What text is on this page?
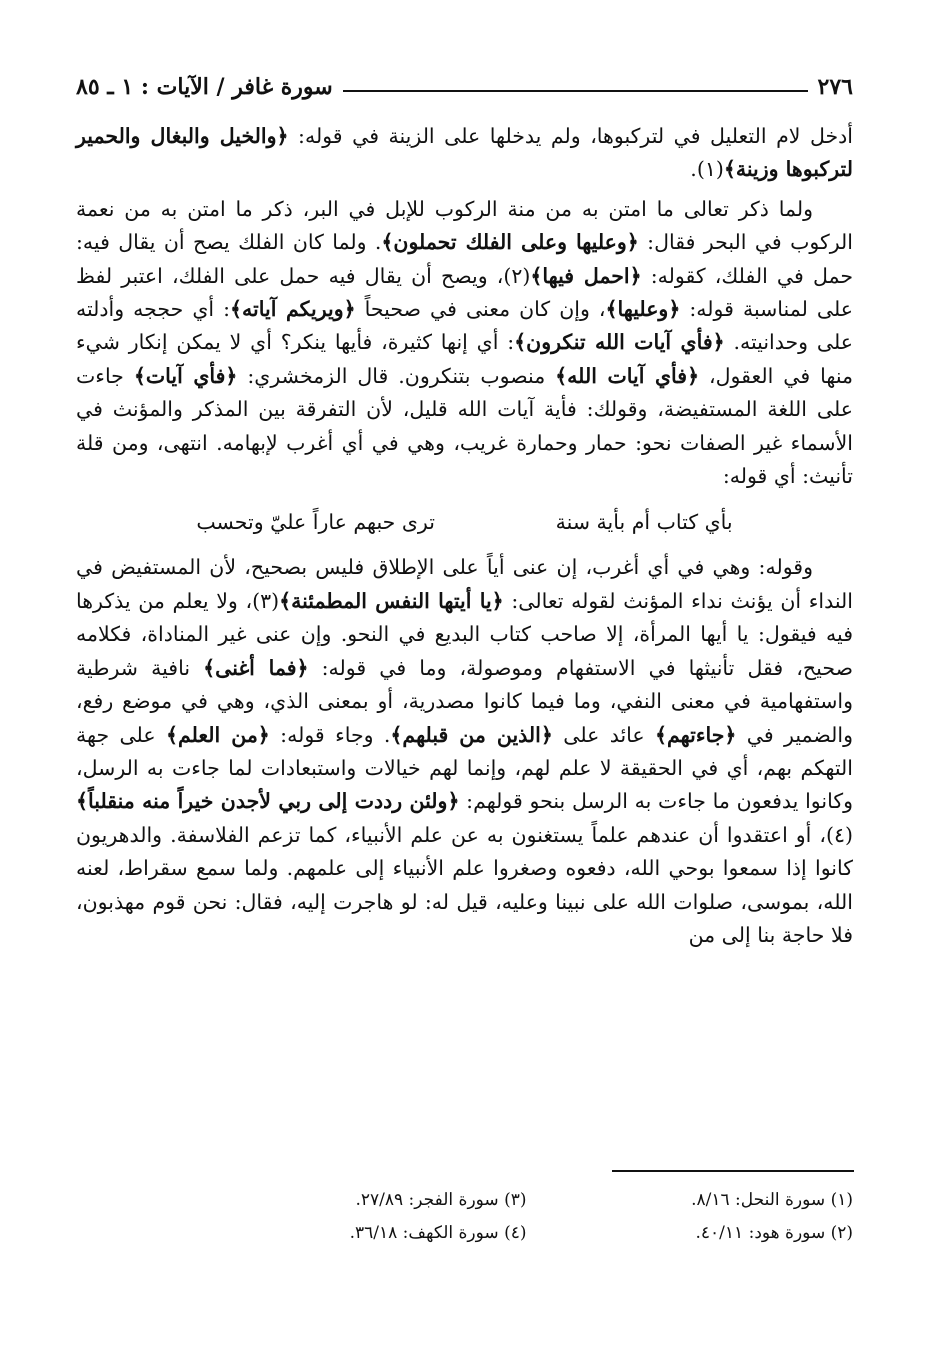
٢٧٦
سورة غافر / الآيات : ١ ـ ٨٥

أدخل لام التعليل في لتركبوها، ولم يدخلها على الزينة في قوله: ﴿والخيل والبغال والحمير لتركبوها وزينة﴾(١).

ولما ذكر تعالى ما امتن به من منة الركوب للإبل في البر، ذكر ما امتن به من نعمة الركوب في البحر فقال: ﴿وعليها وعلى الفلك تحملون﴾. ولما كان الفلك يصح أن يقال فيه: حمل في الفلك، كقوله: ﴿احمل فيها﴾(٢)، ويصح أن يقال فيه حمل على الفلك، اعتبر لفظ على لمناسبة قوله: ﴿وعليها﴾، وإن كان معنى في صحيحاً ﴿ويريكم آياته﴾: أي حججه وأدلته على وحدانيته. ﴿فأي آيات الله تنكرون﴾: أي إنها كثيرة، فأيها ينكر؟ أي لا يمكن إنكار شيء منها في العقول، ﴿فأي آيات الله﴾ منصوب بتنكرون. قال الزمخشري: ﴿فأي آيات﴾ جاءت على اللغة المستفيضة، وقولك: فأية آيات الله قليل، لأن التفرقة بين المذكر والمؤنث في الأسماء غير الصفات نحو: حمار وحمارة غريب، وهي في أي أغرب لإبهامه. انتهى، ومن قلة تأنيث: أي قوله:

بأي كتاب أم بأية سنة
ترى حبهم عاراً عليّ وتحسب

وقوله: وهي في أي أغرب، إن عنى أياً على الإطلاق فليس بصحيح، لأن المستفيض في النداء أن يؤنث نداء المؤنث لقوله تعالى: ﴿يا أيتها النفس المطمئنة﴾(٣)، ولا يعلم من يذكرها فيه فيقول: يا أيها المرأة، إلا صاحب كتاب البديع في النحو. وإن عنى غير المناداة، فكلامه صحيح، فقل تأنيثها في الاستفهام وموصولة، وما في قوله: ﴿فما أغنى﴾ نافية شرطية واستفهامية في معنى النفي، وما فيما كانوا مصدرية، أو بمعنى الذي، وهي في موضع رفع، والضمير في ﴿جاءتهم﴾ عائد على ﴿الذين من قبلهم﴾. وجاء قوله: ﴿من العلم﴾ على جهة التهكم بهم، أي في الحقيقة لا علم لهم، وإنما لهم خيالات واستبعادات لما جاءت به الرسل، وكانوا يدفعون ما جاءت به الرسل بنحو قولهم: ﴿ولئن رددت إلى ربي لأجدن خيراً منه منقلباً﴾(٤)، أو اعتقدوا أن عندهم علماً يستغنون به عن علم الأنبياء، كما تزعم الفلاسفة. والدهريون كانوا إذا سمعوا بوحي الله، دفعوه وصغروا علم الأنبياء إلى علمهم. ولما سمع سقراط، لعنه الله، بموسى، صلوات الله على نبينا وعليه، قيل له: لو هاجرت إليه، فقال: نحن قوم مهذبون، فلا حاجة بنا إلى من

(١) سورة النحل: ٨/١٦.
(٣) سورة الفجر: ٢٧/٨٩.
(٢) سورة هود: ٤٠/١١.
(٤) سورة الكهف: ٣٦/١٨.
